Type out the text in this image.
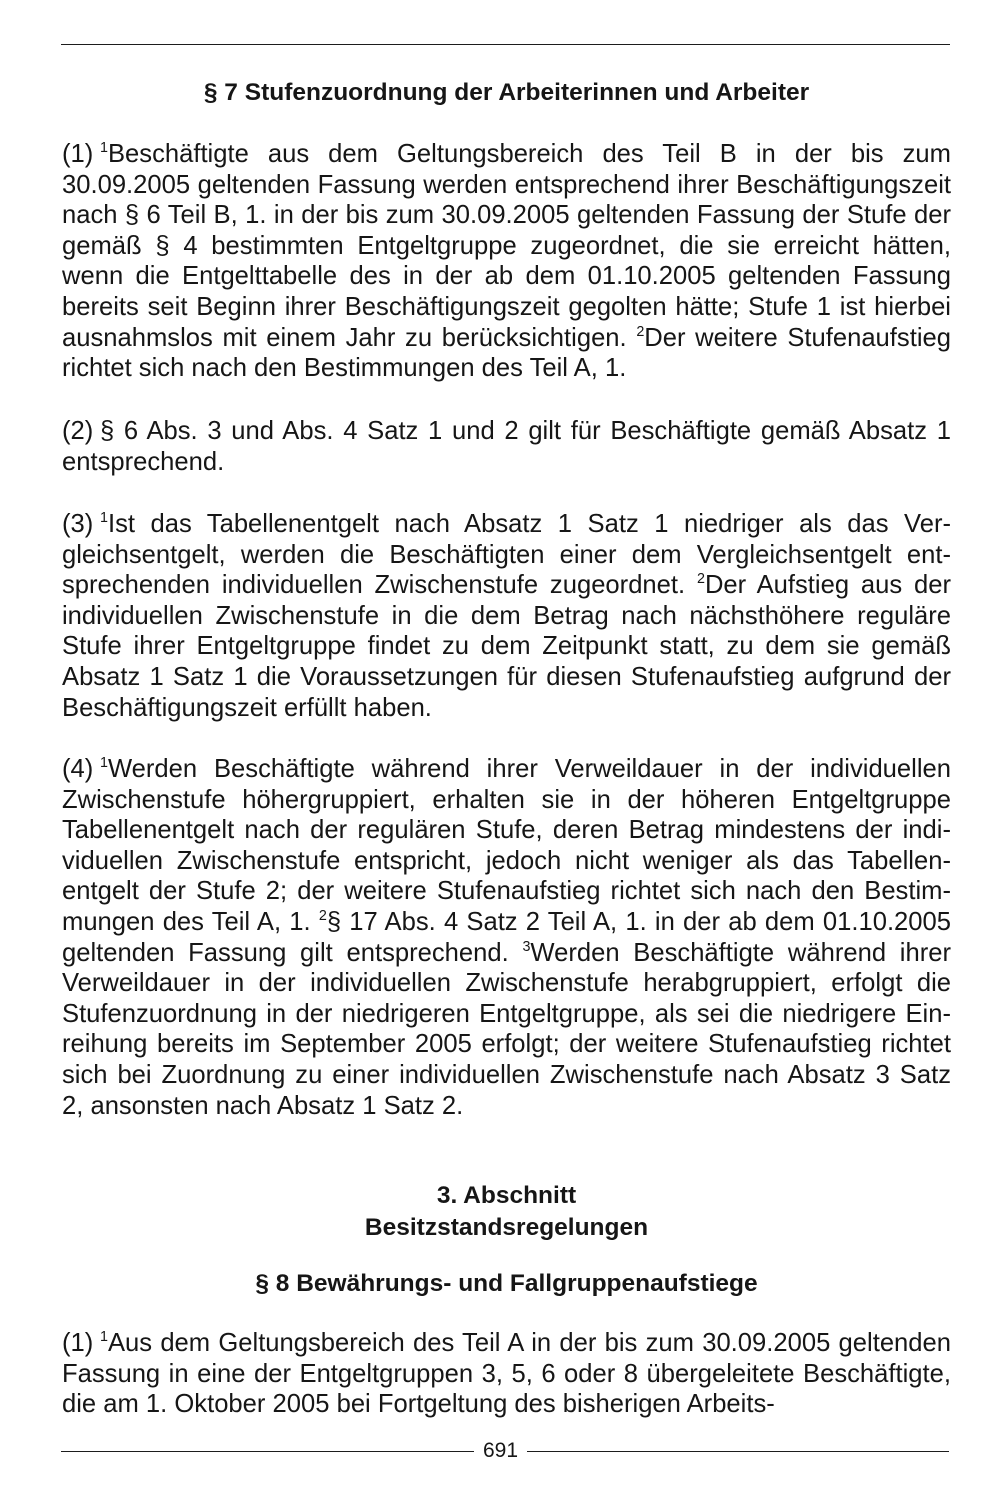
§ 7 Stufenzuordnung der Arbeiterinnen und Arbeiter

(1) $^1$Beschäftigte aus dem Geltungsbereich des Teil B in der bis zum 30.09.2005 geltenden Fassung werden entsprechend ihrer Beschäftigungszeit nach § 6 Teil B, 1. in der bis zum 30.09.2005 geltenden Fassung der Stufe der gemäß § 4 bestimmten Entgeltgruppe zugeordnet, die sie erreicht hätten, wenn die Entgelttabelle des in der ab dem 01.10.2005 geltenden Fassung bereits seit Beginn ihrer Beschäftigungszeit gegolten hätte; Stufe 1 ist hierbei ausnahmslos mit einem Jahr zu berücksichtigen. $^2$Der weitere Stufenaufstieg richtet sich nach den Bestimmungen des Teil A, 1.

(2) § 6 Abs. 3 und Abs. 4 Satz 1 und 2 gilt für Beschäftigte gemäß Absatz 1 entsprechend.

(3) $^1$Ist das Tabellenentgelt nach Absatz 1 Satz 1 niedriger als das Vergleichsentgelt, werden die Beschäftigten einer dem Vergleichsentgelt entsprechenden individuellen Zwischenstufe zugeordnet. $^2$Der Aufstieg aus der individuellen Zwischenstufe in die dem Betrag nach nächsthöhere reguläre Stufe ihrer Entgeltgruppe findet zu dem Zeitpunkt statt, zu dem sie gemäß Absatz 1 Satz 1 die Voraussetzungen für diesen Stufenaufstieg aufgrund der Beschäftigungszeit erfüllt haben.

(4) $^1$Werden Beschäftigte während ihrer Verweildauer in der individuellen Zwischenstufe höhergruppiert, erhalten sie in der höheren Entgeltgruppe Tabellenentgelt nach der regulären Stufe, deren Betrag mindestens der individuellen Zwischenstufe entspricht, jedoch nicht weniger als das Tabellenentgelt der Stufe 2; der weitere Stufenaufstieg richtet sich nach den Bestimmungen des Teil A, 1. $^2$§ 17 Abs. 4 Satz 2 Teil A, 1. in der ab dem 01.10.2005 geltenden Fassung gilt entsprechend. $^3$Werden Beschäftigte während ihrer Verweildauer in der individuellen Zwischenstufe herabgruppiert, erfolgt die Stufenzuordnung in der niedrigeren Entgeltgruppe, als sei die niedrigere Einreihung bereits im September 2005 erfolgt; der weitere Stufenaufstieg richtet sich bei Zuordnung zu einer individuellen Zwischenstufe nach Absatz 3 Satz 2, ansonsten nach Absatz 1 Satz 2.

3. Abschnitt
Besitzstandsregelungen
§ 8 Bewährungs- und Fallgruppenaufstiege

(1) $^1$Aus dem Geltungsbereich des Teil A in der bis zum 30.09.2005 geltenden Fassung in eine der Entgeltgruppen 3, 5, 6 oder 8 übergeleitete Beschäftigte, die am 1. Oktober 2005 bei Fortgeltung des bisherigen Arbeits-

691
